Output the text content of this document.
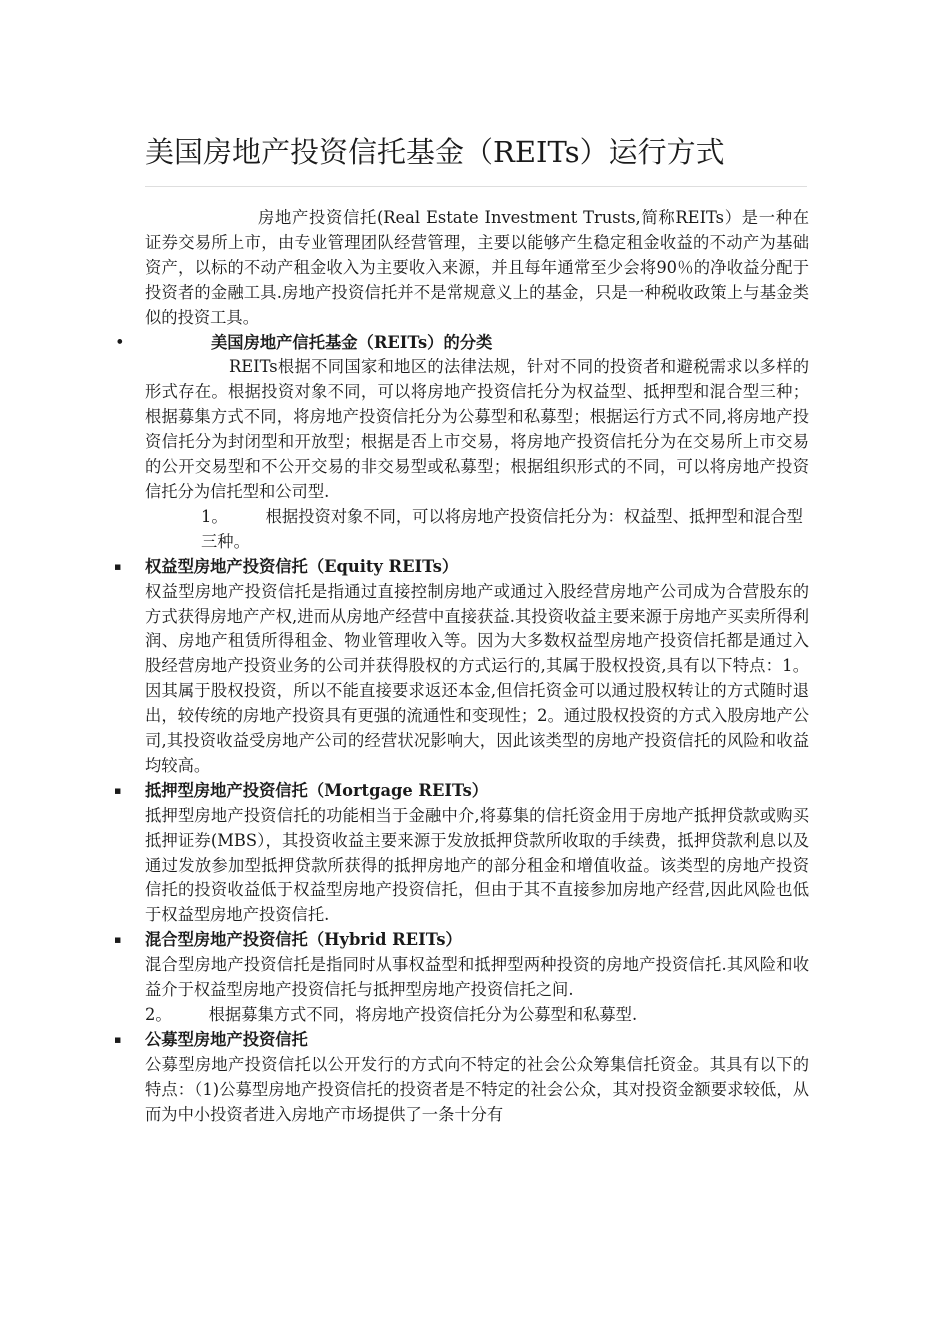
美国房地产投资信托基金（REITs）运行方式

房地产投资信托(Real Estate Investment Trusts,简称REITs）是一种在证券交易所上市，由专业管理团队经营管理，主要以能够产生稳定租金收益的不动产为基础资产，以标的不动产租金收入为主要收入来源，并且每年通常至少会将90％的净收益分配于投资者的金融工具.房地产投资信托并不是常规意义上的基金，只是一种税收政策上与基金类似的投资工具。

•	美国房地产信托基金（REITs）的分类

REITs根据不同国家和地区的法律法规，针对不同的投资者和避税需求以多样的形式存在。根据投资对象不同，可以将房地产投资信托分为权益型、抵押型和混合型三种；根据募集方式不同，将房地产投资信托分为公募型和私募型；根据运行方式不同,将房地产投资信托分为封闭型和开放型；根据是否上市交易，将房地产投资信托分为在交易所上市交易的公开交易型和不公开交易的非交易型或私募型；根据组织形式的不同，可以将房地产投资信托分为信托型和公司型.

1。 根据投资对象不同，可以将房地产投资信托分为：权益型、抵押型和混合型三种。

▪ 权益型房地产投资信托（Equity REITs）

权益型房地产投资信托是指通过直接控制房地产或通过入股经营房地产公司成为合营股东的方式获得房地产产权,进而从房地产经营中直接获益.其投资收益主要来源于房地产买卖所得利润、房地产租赁所得租金、物业管理收入等。因为大多数权益型房地产投资信托都是通过入股经营房地产投资业务的公司并获得股权的方式运行的,其属于股权投资,具有以下特点：1。因其属于股权投资，所以不能直接要求返还本金,但信托资金可以通过股权转让的方式随时退出，较传统的房地产投资具有更强的流通性和变现性；2。通过股权投资的方式入股房地产公司,其投资收益受房地产公司的经营状况影响大，因此该类型的房地产投资信托的风险和收益均较高。

▪ 抵押型房地产投资信托（Mortgage REITs）

抵押型房地产投资信托的功能相当于金融中介,将募集的信托资金用于房地产抵押贷款或购买抵押证券(MBS），其投资收益主要来源于发放抵押贷款所收取的手续费，抵押贷款利息以及通过发放参加型抵押贷款所获得的抵押房地产的部分租金和增值收益。该类型的房地产投资信托的投资收益低于权益型房地产投资信托，但由于其不直接参加房地产经营,因此风险也低于权益型房地产投资信托.

▪ 混合型房地产投资信托（Hybrid REITs）

混合型房地产投资信托是指同时从事权益型和抵押型两种投资的房地产投资信托.其风险和收益介于权益型房地产投资信托与抵押型房地产投资信托之间.

2。 根据募集方式不同，将房地产投资信托分为公募型和私募型.

▪ 公募型房地产投资信托

公募型房地产投资信托以公开发行的方式向不特定的社会公众筹集信托资金。其具有以下的特点：（1)公募型房地产投资信托的投资者是不特定的社会公众，其对投资金额要求较低，从而为中小投资者进入房地产市场提供了一条十分有
